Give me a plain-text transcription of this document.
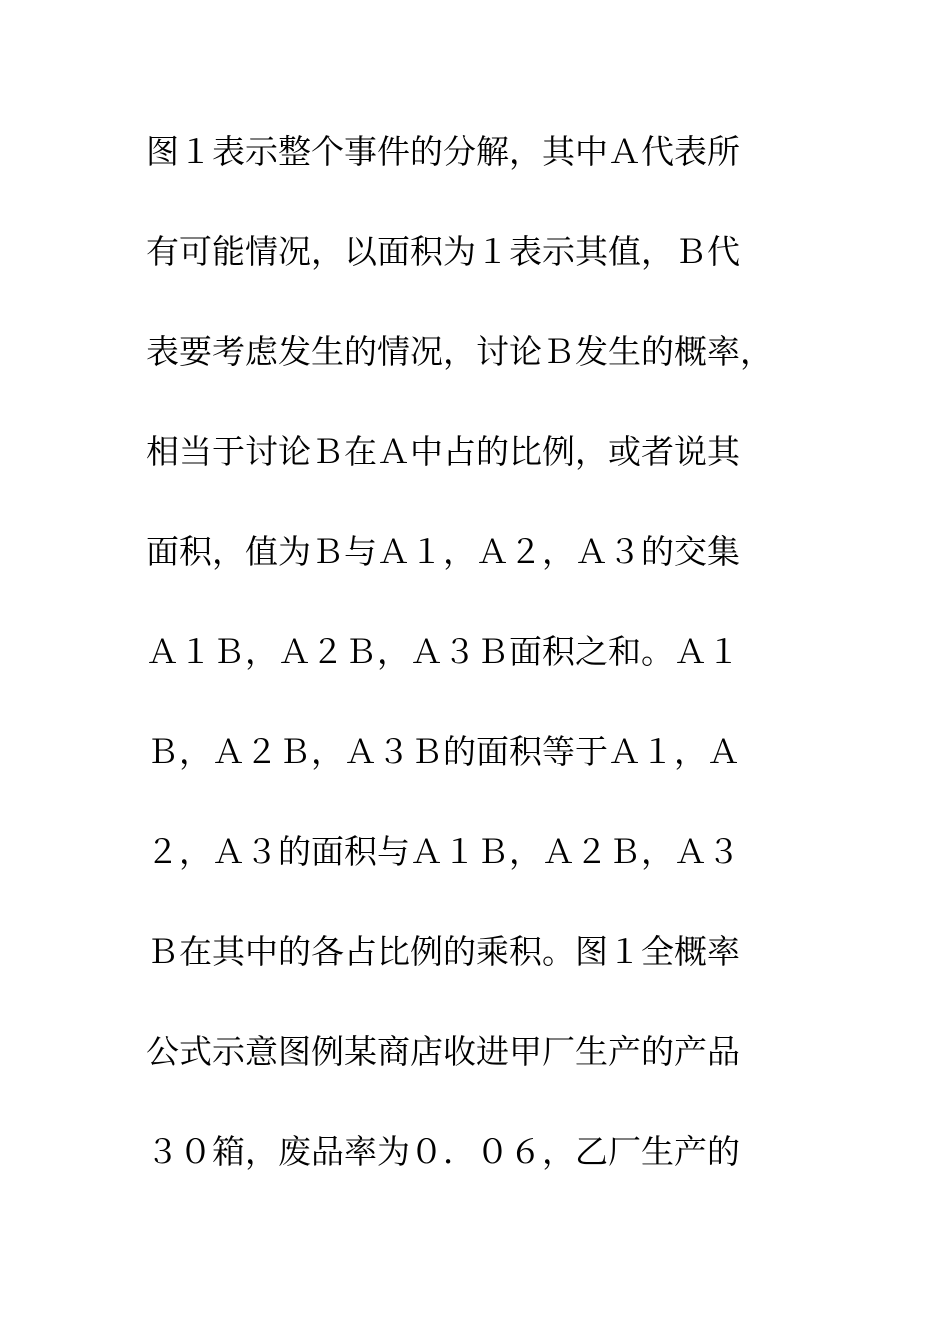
图１表示整个事件的分解，其中Ａ代表所
有可能情况，以面积为１表示其值，Ｂ代
表要考虑发生的情况，讨论Ｂ发生的概率，
相当于讨论Ｂ在Ａ中占的比例，或者说其
面积，值为Ｂ与Ａ１，Ａ２，Ａ３的交集
Ａ１Ｂ，Ａ２Ｂ，Ａ３Ｂ面积之和。Ａ１
Ｂ，Ａ２Ｂ，Ａ３Ｂ的面积等于Ａ１，Ａ
２，Ａ３的面积与Ａ１Ｂ，Ａ２Ｂ，Ａ３
Ｂ在其中的各占比例的乘积。图１全概率
公式示意图例某商店收进甲厂生产的产品
３０箱，废品率为０．０６，乙厂生产的
